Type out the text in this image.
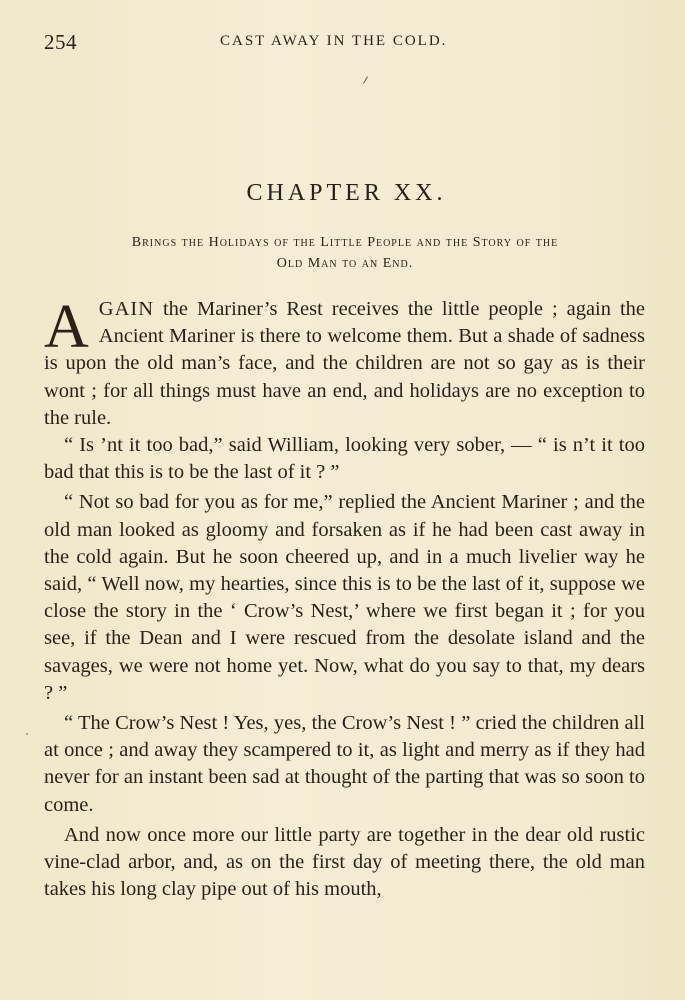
254	CAST AWAY IN THE COLD.
CHAPTER XX.
Brings the Holidays of the Little People and the Story of the
Old Man to an End.

AGAIN the Mariner’s Rest receives the little people ; again the Ancient Mariner is there to welcome them. But a shade of sadness is upon the old man’s face, and the children are not so gay as is their wont ; for all things must have an end, and holidays are no exception to the rule.

“ Is ’nt it too bad,” said William, looking very sober, — “ is n’t it too bad that this is to be the last of it ? ”

“ Not so bad for you as for me,” replied the Ancient Mariner ; and the old man looked as gloomy and forsaken as if he had been cast away in the cold again. But he soon cheered up, and in a much livelier way he said, “ Well now, my hearties, since this is to be the last of it, suppose we close the story in the ‘ Crow’s Nest,’ where we first began it ; for you see, if the Dean and I were rescued from the desolate island and the savages, we were not home yet. Now, what do you say to that, my dears ? ”

“ The Crow’s Nest ! Yes, yes, the Crow’s Nest ! ” cried the children all at once ; and away they scampered to it, as light and merry as if they had never for an instant been sad at thought of the parting that was so soon to come.

And now once more our little party are together in the dear old rustic vine-clad arbor, and, as on the first day of meeting there, the old man takes his long clay pipe out of his mouth,
